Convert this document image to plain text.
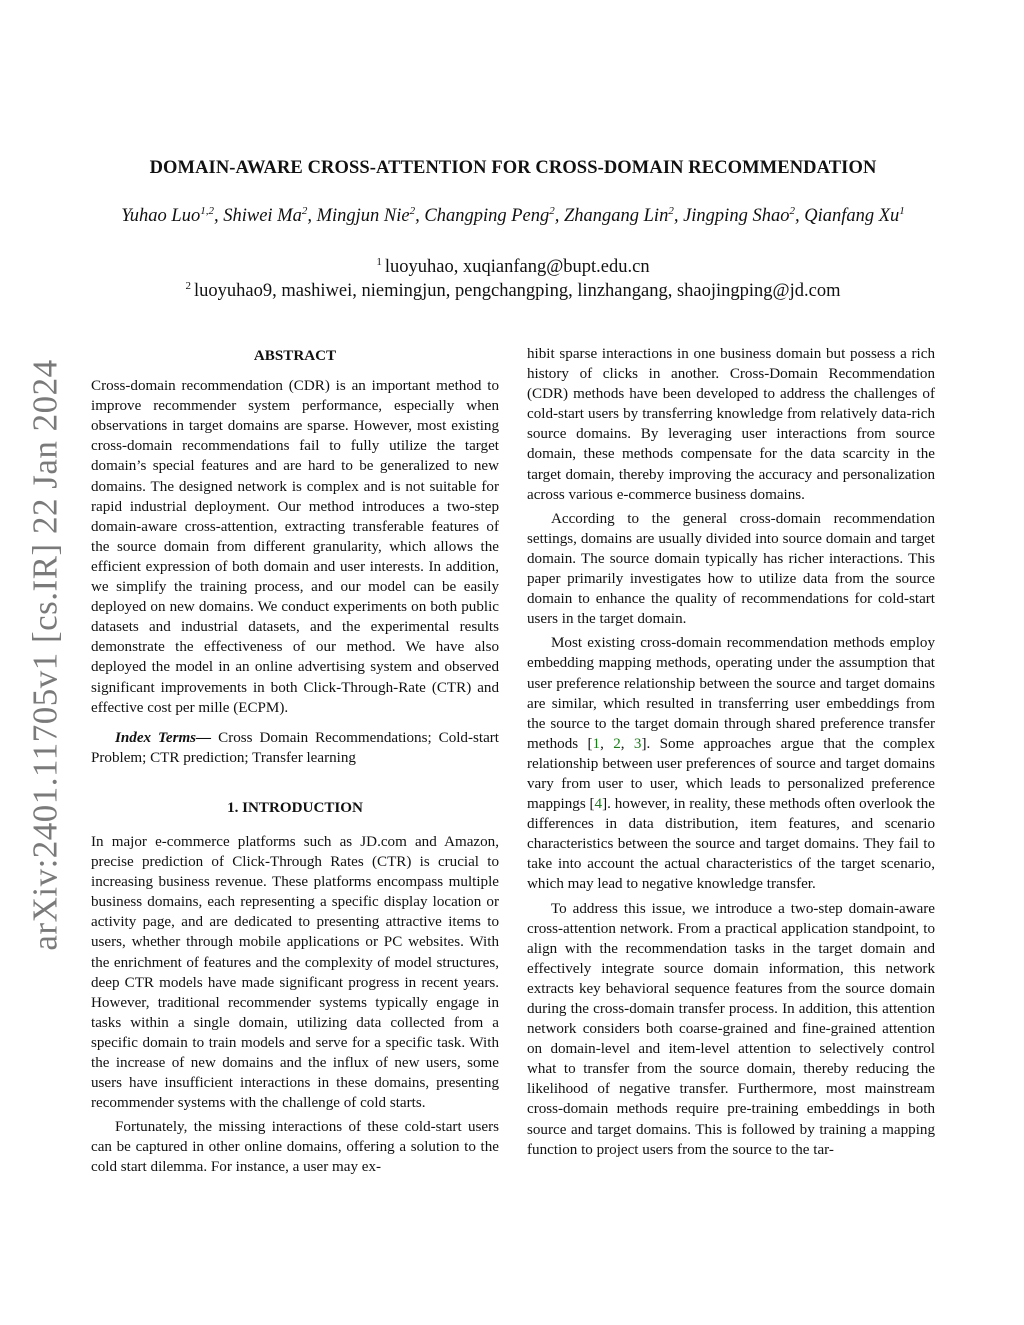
arXiv:2401.11705v1 [cs.IR] 22 Jan 2024
DOMAIN-AWARE CROSS-ATTENTION FOR CROSS-DOMAIN RECOMMENDATION
Yuhao Luo$^{1,2}$, Shiwei Ma$^2$, Mingjun Nie$^2$, Changping Peng$^2$, Zhangang Lin$^2$, Jingping Shao$^2$, Qianfang Xu$^1$
$^1$ luoyuhao, xuqianfang@bupt.edu.cn
$^2$ luoyuhao9, mashiwei, niemingjun, pengchangping, linzhangang, shaojingping@jd.com
ABSTRACT

Cross-domain recommendation (CDR) is an important method to improve recommender system performance, especially when observations in target domains are sparse. However, most existing cross-domain recommendations fail to fully utilize the target domain’s special features and are hard to be generalized to new domains. The designed network is complex and is not suitable for rapid industrial deployment. Our method introduces a two-step domain-aware cross-attention, extracting transferable features of the source domain from different granularity, which allows the efficient expression of both domain and user interests. In addition, we simplify the training process, and our model can be easily deployed on new domains. We conduct experiments on both public datasets and industrial datasets, and the experimental results demonstrate the effectiveness of our method. We have also deployed the model in an online advertising system and observed significant improvements in both Click-Through-Rate (CTR) and effective cost per mille (ECPM).

Index Terms— Cross Domain Recommendations; Cold-start Problem; CTR prediction; Transfer learning

1. INTRODUCTION

In major e-commerce platforms such as JD.com and Amazon, precise prediction of Click-Through Rates (CTR) is crucial to increasing business revenue. These platforms encompass multiple business domains, each representing a specific display location or activity page, and are dedicated to presenting attractive items to users, whether through mobile applications or PC websites. With the enrichment of features and the complexity of model structures, deep CTR models have made significant progress in recent years. However, traditional recommender systems typically engage in tasks within a single domain, utilizing data collected from a specific domain to train models and serve for a specific task. With the increase of new domains and the influx of new users, some users have insufficient interactions in these domains, presenting recommender systems with the challenge of cold starts.

Fortunately, the missing interactions of these cold-start users can be captured in other online domains, offering a solution to the cold start dilemma. For instance, a user may ex-

hibit sparse interactions in one business domain but possess a rich history of clicks in another. Cross-Domain Recommendation (CDR) methods have been developed to address the challenges of cold-start users by transferring knowledge from relatively data-rich source domains. By leveraging user interactions from source domain, these methods compensate for the data scarcity in the target domain, thereby improving the accuracy and personalization across various e-commerce business domains.

According to the general cross-domain recommendation settings, domains are usually divided into source domain and target domain. The source domain typically has richer interactions. This paper primarily investigates how to utilize data from the source domain to enhance the quality of recommendations for cold-start users in the target domain.

Most existing cross-domain recommendation methods employ embedding mapping methods, operating under the assumption that user preference relationship between the source and target domains are similar, which resulted in transferring user embeddings from the source to the target domain through shared preference transfer methods [1, 2, 3]. Some approaches argue that the complex relationship between user preferences of source and target domains vary from user to user, which leads to personalized preference mappings [4]. however, in reality, these methods often overlook the differences in data distribution, item features, and scenario characteristics between the source and target domains. They fail to take into account the actual characteristics of the target scenario, which may lead to negative knowledge transfer.

To address this issue, we introduce a two-step domain-aware cross-attention network. From a practical application standpoint, to align with the recommendation tasks in the target domain and effectively integrate source domain information, this network extracts key behavioral sequence features from the source domain during the cross-domain transfer process. In addition, this attention network considers both coarse-grained and fine-grained attention on domain-level and item-level attention to selectively control what to transfer from the source domain, thereby reducing the likelihood of negative transfer. Furthermore, most mainstream cross-domain methods require pre-training embeddings in both source and target domains. This is followed by training a mapping function to project users from the source to the tar-
